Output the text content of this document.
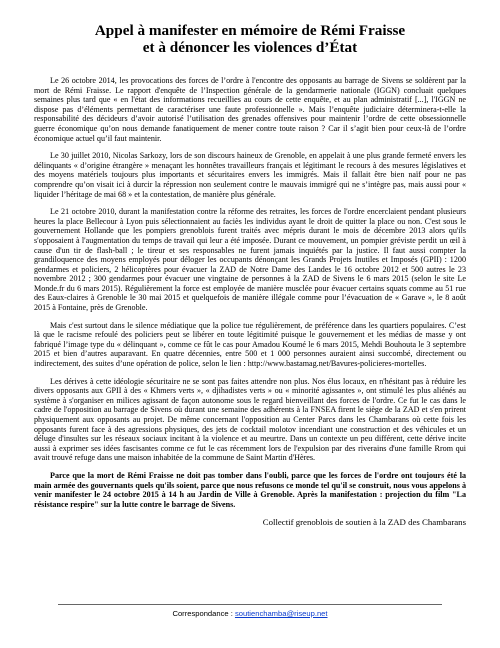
Appel à manifester en mémoire de Rémi Fraisse
et à dénoncer les violences d’État

Le 26 octobre 2014, les provocations des forces de l’ordre à l'encontre des opposants au barrage de Sivens se soldèrent par la mort de Rémi Fraisse. Le rapport d'enquête de l’Inspection générale de la gendarmerie nationale (IGGN) concluait quelques semaines plus tard que « en l'état des informations recueillies au cours de cette enquête, et au plan administratif [...], l'IGGN ne dispose pas d’éléments permettant de caractériser une faute professionnelle ». Mais l’enquête judiciaire déterminera-t-elle la responsabilité des décideurs d’avoir autorisé l’utilisation des grenades offensives pour maintenir l’ordre de cette obsessionnelle guerre économique qu’on nous demande fanatiquement de mener contre toute raison ? Car il s’agit bien pour ceux-là de l’ordre économique actuel qu’il faut maintenir.

Le 30 juillet 2010, Nicolas Sarkozy, lors de son discours haineux de Grenoble, en appelait à une plus grande fermeté envers les délinquants « d’origine étrangère » menaçant les honnêtes travailleurs français et légitimant le recours à des mesures législatives et des moyens matériels toujours plus importants et sécuritaires envers les immigrés. Mais il fallait être bien naïf pour ne pas comprendre qu’on visait ici à durcir la répression non seulement contre le mauvais immigré qui ne s’intègre pas, mais aussi pour « liquider l’héritage de mai 68 » et la contestation, de manière plus générale.

Le 21 octobre 2010, durant la manifestation contre la réforme des retraites, les forces de l'ordre encerclaient pendant plusieurs heures la place Bellecour à Lyon puis sélectionnaient au faciès les individus ayant le droit de quitter la place ou non. C'est sous le gouvernement Hollande que les pompiers grenoblois furent traités avec mépris durant le mois de décembre 2013 alors qu'ils s'opposaient à l'augmentation du temps de travail qui leur a été imposée. Durant ce mouvement, un pompier gréviste perdit un œil à cause d'un tir de flash-ball ; le tireur et ses responsables ne furent jamais inquiétés par la justice. Il faut aussi compter la grandiloquence des moyens employés pour déloger les occupants dénonçant les Grands Projets Inutiles et Imposés (GPII) : 1200 gendarmes et policiers, 2 hélicoptères pour évacuer la ZAD de Notre Dame des Landes le 16 octobre 2012 et 500 autres le 23 novembre 2012 ; 300 gendarmes pour évacuer une vingtaine de personnes à la ZAD de Sivens le 6 mars 2015 (selon le site Le Monde.fr du 6 mars 2015). Régulièrement la force est employée de manière musclée pour évacuer certains squats comme au 51 rue des Eaux-claires à Grenoble le 30 mai 2015 et quelquefois de manière illégale comme pour l’évacuation de « Garave », le 8 août 2015 à Fontaine, près de Grenoble.

Mais c'est surtout dans le silence médiatique que la police tue régulièrement, de préférence dans les quartiers populaires. C’est là que le racisme refoulé des policiers peut se libérer en toute légitimité puisque le gouvernement et les médias de masse y ont fabriqué l’image type du « délinquant », comme ce fût le cas pour Amadou Koumé le 6 mars 2015, Mehdi Bouhouta le 3 septembre 2015 et bien d’autres auparavant. En quatre décennies, entre 500 et 1 000 personnes auraient ainsi succombé, directement ou indirectement, des suites d’une opération de police, selon le lien : http://www.bastamag.net/Bavures-policieres-mortelles.

Les dérives à cette idéologie sécuritaire ne se sont pas faites attendre non plus. Nos élus locaux, en n'hésitant pas à réduire les divers opposants aux GPII à des « Khmers verts », « djihadistes verts » ou « minorité agissantes », ont stimulé les plus aliénés au système à s'organiser en milices agissant de façon autonome sous le regard bienveillant des forces de l'ordre. Ce fut le cas dans le cadre de l'opposition au barrage de Sivens où durant une semaine des adhérents à la FNSEA firent le siège de la ZAD et s'en prirent physiquement aux opposants au projet. De même concernant l'opposition au Center Parcs dans les Chambarans où cette fois les opposants furent face à des agressions physiques, des jets de cocktail molotov incendiant une construction et des véhicules et un déluge d'insultes sur les réseaux sociaux incitant à la violence et au meurtre. Dans un contexte un peu différent, cette dérive incite aussi à exprimer ses idées fascisantes comme ce fut le cas récemment lors de l'expulsion par des riverains d'une famille Rrom qui avait trouvé refuge dans une maison inhabitée de la commune de Saint Martin d'Hères.

Parce que la mort de Rémi Fraisse ne doit pas tomber dans l'oubli, parce que les forces de l'ordre ont toujours été la main armée des gouvernants quels qu'ils soient, parce que nous refusons ce monde tel qu'il se construit, nous vous appelons à venir manifester le 24 octobre 2015 à 14 h au Jardin de Ville à Grenoble. Après la manifestation : projection du film "La résistance respire" sur la lutte contre le barrage de Sivens.

Collectif grenoblois de soutien à la ZAD des Chambarans
Correspondance : soutienchamba@riseup.net
